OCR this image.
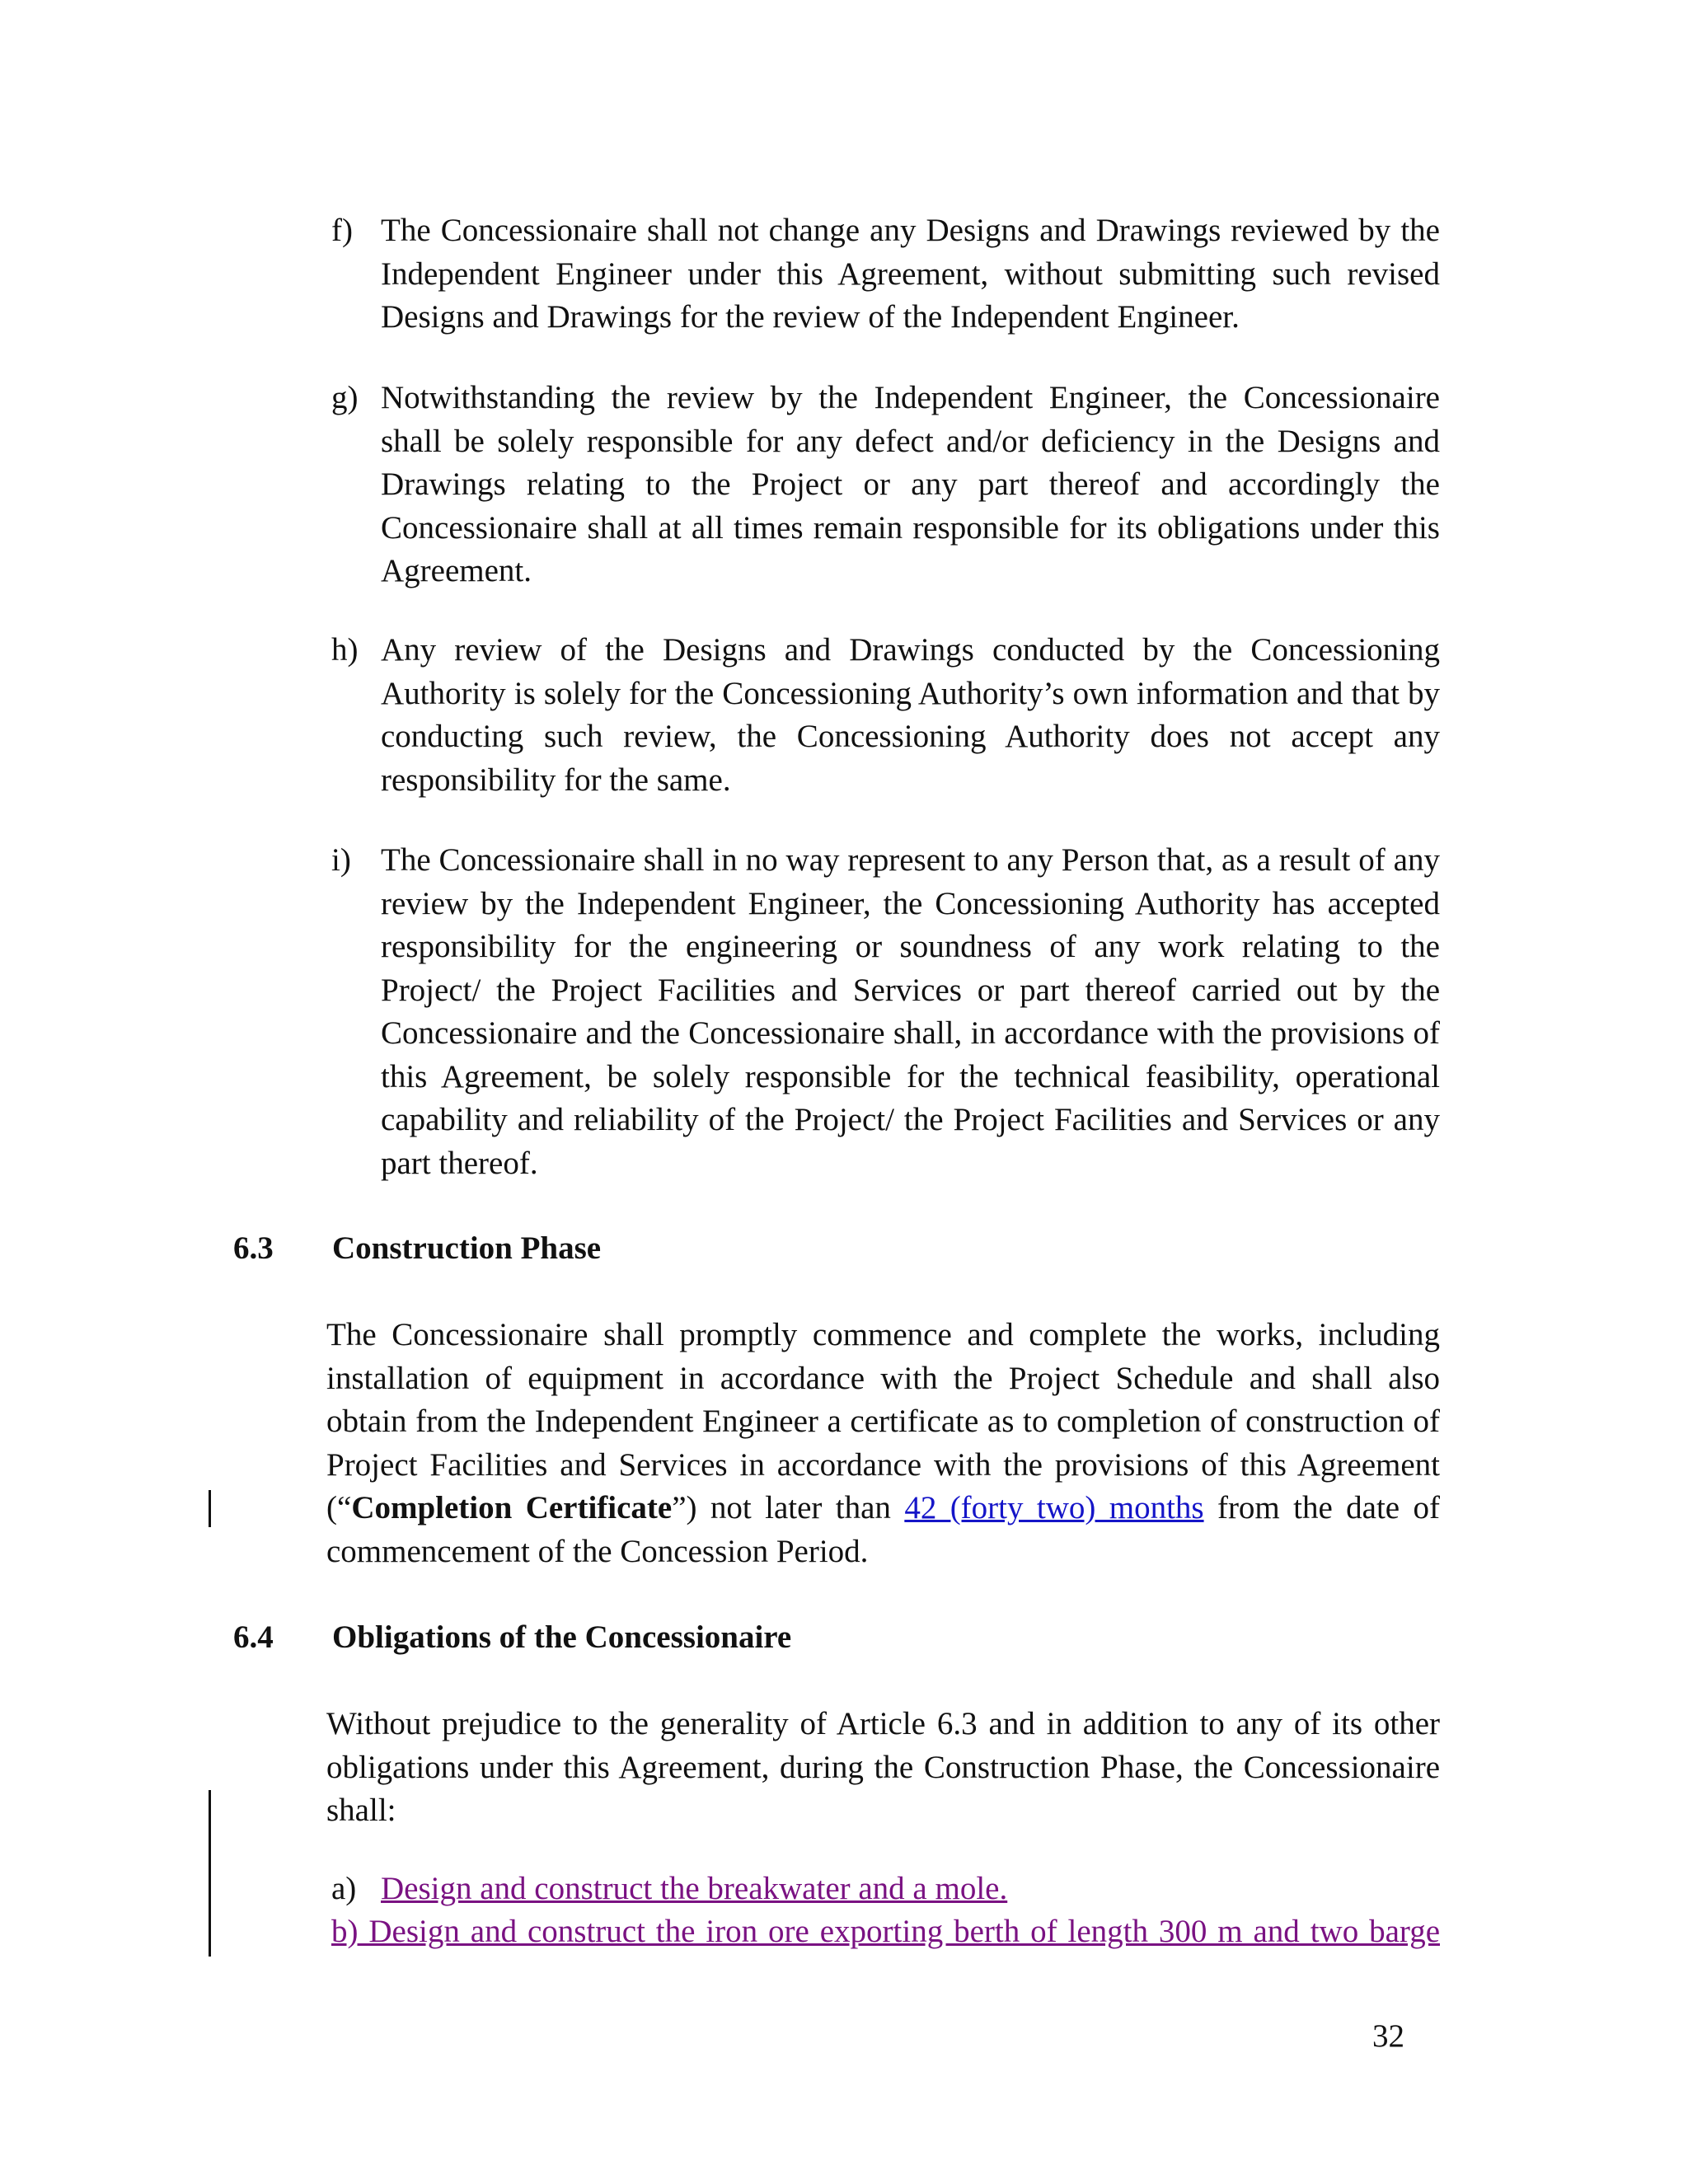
f) The Concessionaire shall not change any Designs and Drawings reviewed by the Independent Engineer under this Agreement, without submitting such revised Designs and Drawings for the review of the Independent Engineer.
g) Notwithstanding the review by the Independent Engineer, the Concessionaire shall be solely responsible for any defect and/or deficiency in the Designs and Drawings relating to the Project or any part thereof and accordingly the Concessionaire shall at all times remain responsible for its obligations under this Agreement.
h) Any review of the Designs and Drawings conducted by the Concessioning Authority is solely for the Concessioning Authority’s own information and that by conducting such review, the Concessioning Authority does not accept any responsibility for the same.
i) The Concessionaire shall in no way represent to any Person that, as a result of any review by the Independent Engineer, the Concessioning Authority has accepted responsibility for the engineering or soundness of any work relating to the Project/ the Project Facilities and Services or part thereof carried out by the Concessionaire and the Concessionaire shall, in accordance with the provisions of this Agreement, be solely responsible for the technical feasibility, operational capability and reliability of the Project/ the Project Facilities and Services or any part thereof.
6.3 Construction Phase
The Concessionaire shall promptly commence and complete the works, including installation of equipment in accordance with the Project Schedule and shall also obtain from the Independent Engineer a certificate as to completion of construction of Project Facilities and Services in accordance with the provisions of this Agreement (“Completion Certificate”) not later than 42 (forty two) months from the date of commencement of the Concession Period.
6.4 Obligations of the Concessionaire
Without prejudice to the generality of Article 6.3 and in addition to any of its other obligations under this Agreement, during the Construction Phase, the Concessionaire shall:
a) Design and construct the breakwater and a mole.
b) Design and construct the iron ore exporting berth of length 300 m and two barge
32
